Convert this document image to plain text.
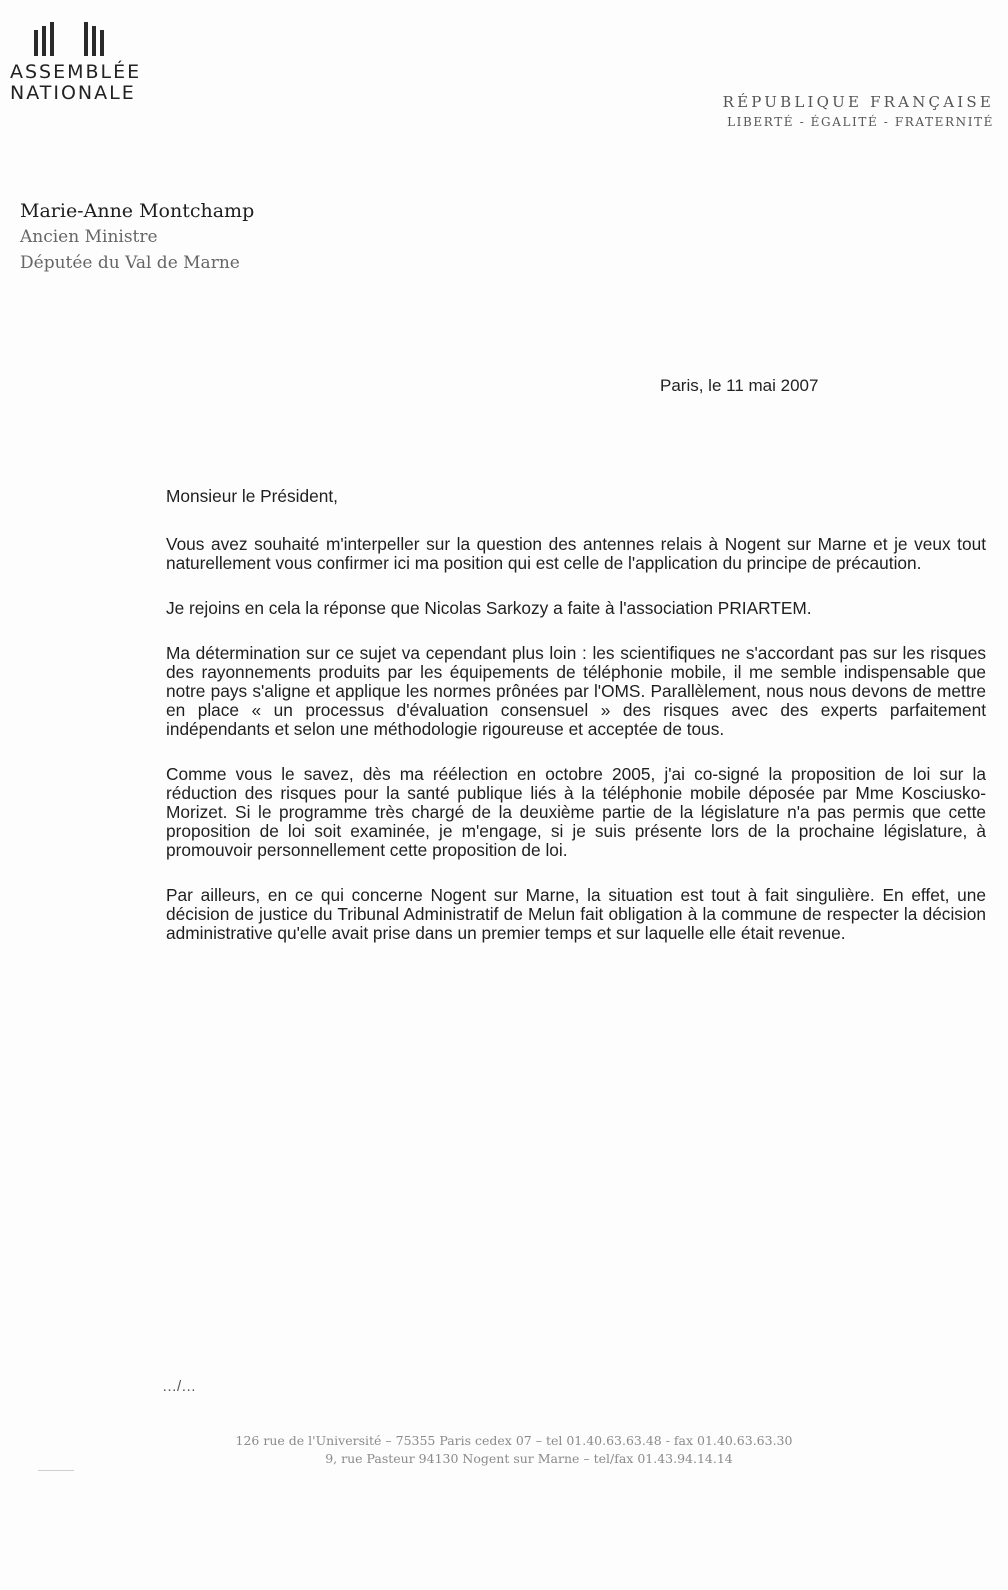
ASSEMBLÉE
NATIONALE	RÉPUBLIQUE FRANÇAISE
LIBERTÉ - ÉGALITÉ - FRATERNITÉ
Marie-Anne Montchamp
Ancien Ministre
Députée du Val de Marne
Paris, le 11 mai 2007

Monsieur le Président,

Vous avez souhaité m'interpeller sur la question des antennes relais à Nogent sur Marne et je veux tout naturellement vous confirmer ici ma position qui est celle de l'application du principe de précaution.

Je rejoins en cela la réponse que Nicolas Sarkozy a faite à l'association PRIARTEM.

Ma détermination sur ce sujet va cependant plus loin : les scientifiques ne s'accordant pas sur les risques des rayonnements produits par les équipements de téléphonie mobile, il me semble indispensable que notre pays s'aligne et applique les normes prônées par l'OMS. Parallèlement, nous nous devons de mettre en place « un processus d'évaluation consensuel » des risques avec des experts parfaitement indépendants et selon une méthodologie rigoureuse et acceptée de tous.

Comme vous le savez, dès ma réélection en octobre 2005, j'ai co-signé la proposition de loi sur la réduction des risques pour la santé publique liés à la téléphonie mobile déposée par Mme Kosciusko-Morizet. Si le programme très chargé de la deuxième partie de la législature n'a pas permis que cette proposition de loi soit examinée, je m'engage, si je suis présente lors de la prochaine législature, à promouvoir personnellement cette proposition de loi.

Par ailleurs, en ce qui concerne Nogent sur Marne, la situation est tout à fait singulière. En effet, une décision de justice du Tribunal Administratif de Melun fait obligation à la commune de respecter la décision administrative qu'elle avait prise dans un premier temps et sur laquelle elle était revenue.

…/…
126 rue de l'Université – 75355 Paris cedex 07 – tel 01.40.63.63.48 - fax 01.40.63.63.30
9, rue Pasteur 94130 Nogent sur Marne – tel/fax 01.43.94.14.14
